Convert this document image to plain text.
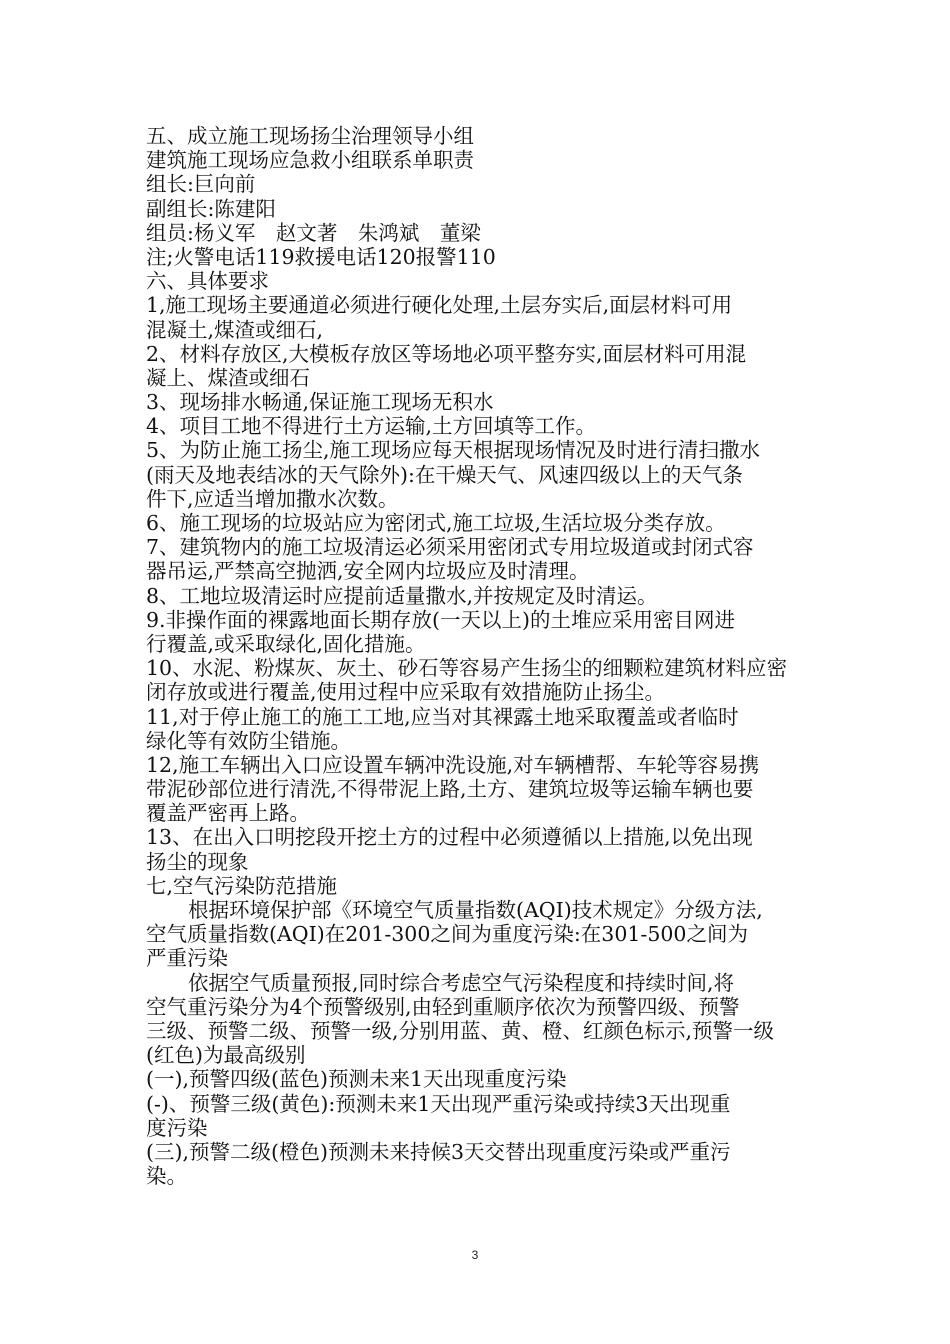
五、成立施工现场扬尘治理领导小组
建筑施工现场应急救小组联系单职责
组长:巨向前
副组长:陈建阳
组员:杨义军　赵文著　朱鸿斌　董梁
注;火警电话119救援电话120报警110
六、具体要求
1,施工现场主要通道必须进行硬化处理,土层夯实后,面层材料可用
混凝土,煤渣或细石,
2、材料存放区,大模板存放区等场地必项平整夯实,面层材料可用混
凝上、煤渣或细石
3、现场排水畅通,保证施工现场无积水
4、项目工地不得进行土方运输,土方回填等工作。
5、为防止施工扬尘,施工现场应每天根据现场情况及时进行清扫撒水
(雨天及地表结冰的天气除外):在干燥天气、风速四级以上的天气条
件下,应适当增加撒水次数。
6、施工现场的垃圾站应为密闭式,施工垃圾,生活垃圾分类存放。
7、建筑物内的施工垃圾清运必须采用密闭式专用垃圾道或封闭式容
器吊运,严禁高空抛洒,安全网内垃圾应及时清理。
8、工地垃圾清运时应提前适量撒水,并按规定及时清运。
9.非操作面的裸露地面长期存放(一天以上)的土堆应采用密目网进
行覆盖,或采取绿化,固化措施。
10、水泥、粉煤灰、灰土、砂石等容易产生扬尘的细颗粒建筑材料应密
闭存放或进行覆盖,使用过程中应采取有效措施防止扬尘。
11,对于停止施工的施工工地,应当对其裸露土地采取覆盖或者临时
绿化等有效防尘错施。
12,施工车辆出入口应设置车辆冲洗设施,对车辆槽帮、车轮等容易携
带泥砂部位进行清洗,不得带泥上路,土方、建筑垃圾等运输车辆也要
覆盖严密再上路。
13、在出入口明挖段开挖土方的过程中必须遵循以上措施,以免出现
扬尘的现象
七,空气污染防范措施
根据环境保护部《环境空气质量指数(AQI)技术规定》分级方法,
空气质量指数(AQI)在201-300之间为重度污染:在301-500之间为
严重污染
依据空气质量预报,同时综合考虑空气污染程度和持续时间,将
空气重污染分为4个预警级别,由轻到重顺序依次为预警四级、预警
三级、预警二级、预警一级,分别用蓝、黄、橙、红颜色标示,预警一级
(红色)为最高级别
(一),预警四级(蓝色)预测未来1天出现重度污染
(-)、预警三级(黄色):预测未来1天出现严重污染或持续3天出现重
度污染
(三),预警二级(橙色)预测未来持候3天交替出现重度污染或严重污
染。
3
